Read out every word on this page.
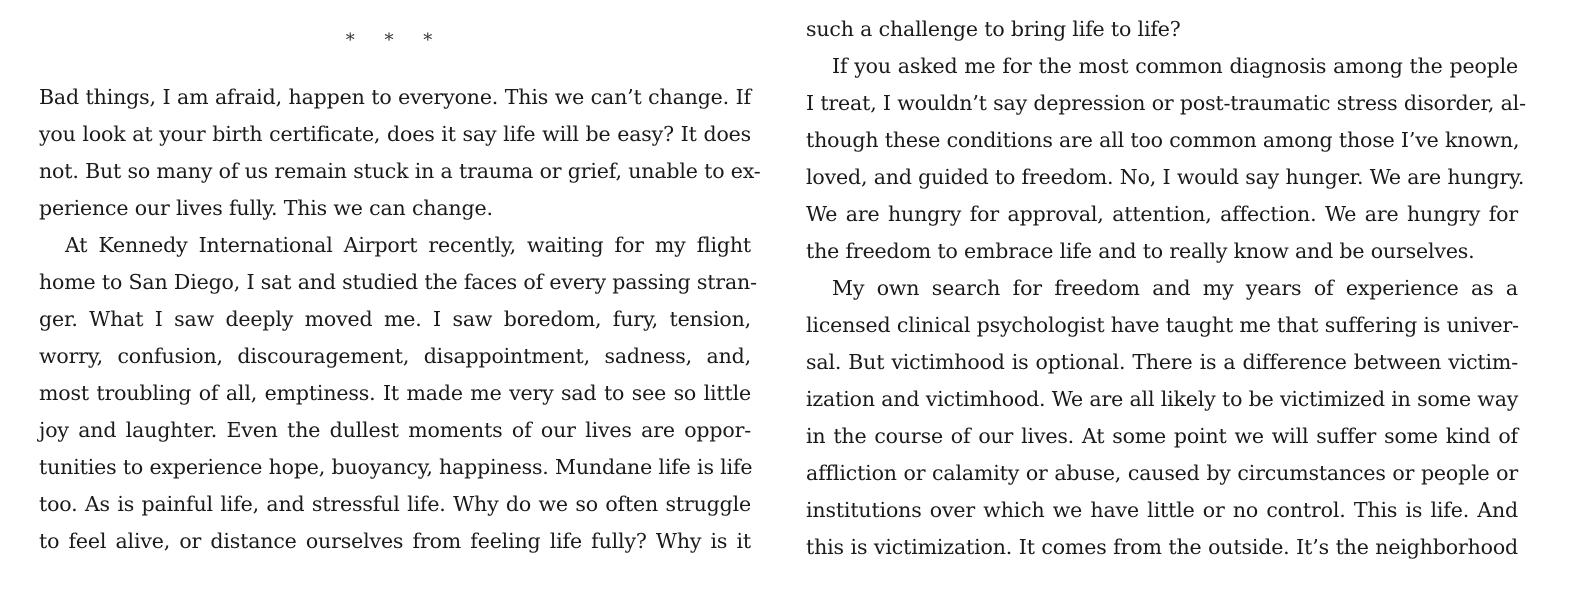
* * *
Bad things, I am afraid, happen to everyone. This we can’t change. If
you look at your birth certificate, does it say life will be easy? It does
not. But so many of us remain stuck in a trauma or grief, unable to ex-
perience our lives fully. This we can change.
At Kennedy International Airport recently, waiting for my flight
home to San Diego, I sat and studied the faces of every passing stran-
ger. What I saw deeply moved me. I saw boredom, fury, tension,
worry, confusion, discouragement, disappointment, sadness, and,
most troubling of all, emptiness. It made me very sad to see so little
joy and laughter. Even the dullest moments of our lives are oppor-
tunities to experience hope, buoyancy, happiness. Mundane life is life
too. As is painful life, and stressful life. Why do we so often struggle
to feel alive, or distance ourselves from feeling life fully? Why is it
such a challenge to bring life to life?
If you asked me for the most common diagnosis among the people
I treat, I wouldn’t say depression or post-traumatic stress disorder, al-
though these conditions are all too common among those I’ve known,
loved, and guided to freedom. No, I would say hunger. We are hungry.
We are hungry for approval, attention, affection. We are hungry for
the freedom to embrace life and to really know and be ourselves.
My own search for freedom and my years of experience as a
licensed clinical psychologist have taught me that suffering is univer-
sal. But victimhood is optional. There is a difference between victim-
ization and victimhood. We are all likely to be victimized in some way
in the course of our lives. At some point we will suffer some kind of
affliction or calamity or abuse, caused by circumstances or people or
institutions over which we have little or no control. This is life. And
this is victimization. It comes from the outside. It’s the neighborhood
